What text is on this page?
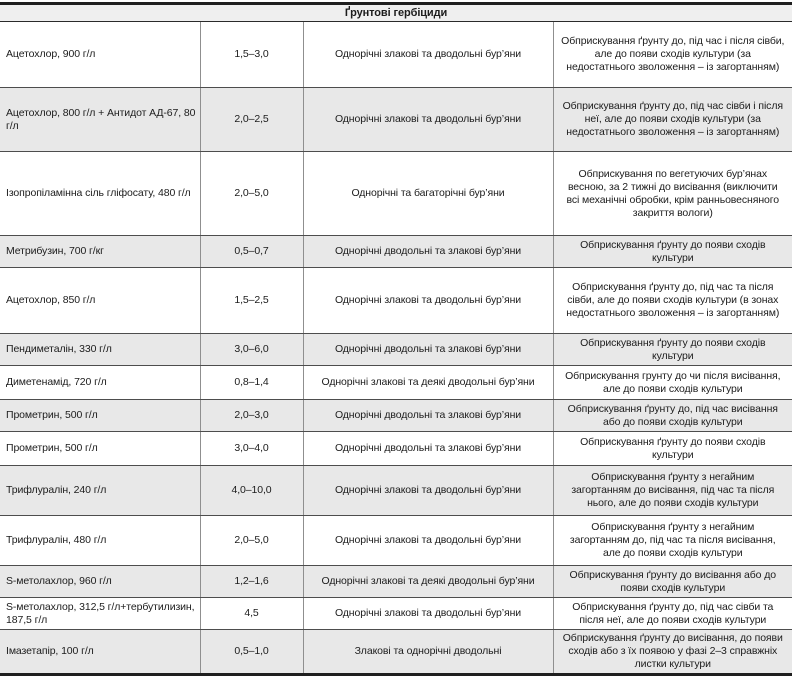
Ґрунтові гербіциди			
Ацетохлор, 900 г/л	1,5–3,0	Однорічні злакові та дводольні бур’яни	Обприскування ґрунту до, під час і після сівби, але до появи сходів культури (за недостатнього зволоження – із загортанням)
Ацетохлор, 800 г/л + Антидот АД-67, 80 г/л	2,0–2,5	Однорічні злакові та дводольні бур’яни	Обприскування ґрунту до, під час сівби і після неї, але до появи сходів культури (за недостатнього зволоження – із загортанням)
Ізопропіламінна сіль гліфосату, 480 г/л	2,0–5,0	Однорічні та багаторічні бур’яни	Обприскування по вегетуючих бур’янах весною, за 2 тижні до висівання (виключити всі механічні обробки, крім ранньовесняного закриття вологи)
Метрибузин, 700 г/кг	0,5–0,7	Однорічні дводольні та злакові бур’яни	Обприскування ґрунту до появи сходів культури
Ацетохлор, 850 г/л	1,5–2,5	Однорічні злакові та дводольні бур’яни	Обприскування ґрунту до, під час та після сівби, але до появи сходів культури (в зонах недостатнього зволоження – із загортанням)
Пендиметалін, 330 г/л	3,0–6,0	Однорічні дводольні та злакові бур’яни	Обприскування ґрунту до появи сходів культури
Диметенамід, 720 г/л	0,8–1,4	Однорічні злакові та деякі дводольні бур’яни	Обприскування грунту до чи після висівання, але до появи сходів культури
Прометрин, 500 г/л	2,0–3,0	Однорічні дводольні та злакові бур’яни	Обприскування ґрунту до, під час висівання або до появи сходів культури
Прометрин, 500 г/л	3,0–4,0	Однорічні дводольні та злакові бур’яни	Обприскування ґрунту до появи сходів культури
Трифлуралін, 240 г/л	4,0–10,0	Однорічні злакові та дводольні бур’яни	Обприскування ґрунту з негайним загортанням до висівання, під час та після нього, але до появи сходів культури
Трифлуралін, 480 г/л	2,0–5,0	Однорічні злакові та дводольні бур’яни	Обприскування ґрунту з негайним загортанням до, під час та після висівання, але до появи сходів культури
S-метолахлор, 960 г/л	1,2–1,6	Однорічні злакові та деякі дводольні бур’яни	Обприскування ґрунту до висівання або до появи сходів культури
S-метолахлор, 312,5 г/л+тербутилизин, 187,5 г/л	4,5	Однорічні злакові та дводольні бур’яни	Обприскування ґрунту до, під час сівби та після неї, але до появи сходів культури
Імазетапір, 100 г/л	0,5–1,0	Злакові та однорічні дводольні	Обприскування ґрунту до висівання, до появи сходів або з їх появою у фазі 2–3 справжніх листки культури
